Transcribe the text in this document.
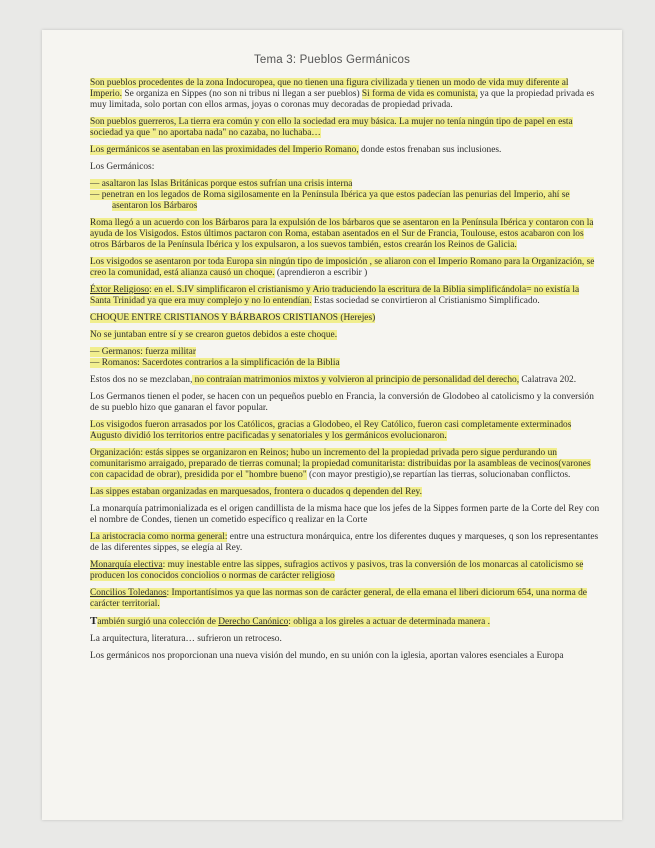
Tema 3: Pueblos Germánicos

Son pueblos procedentes de la zona Indocuropea, que no tienen una figura civilizada y tienen un modo de vida muy diferente al Imperio. Se organiza en Sippes (no son ni tribus ni llegan a ser pueblos) Si forma de vida es comunista, ya que la propiedad privada es muy limitada, solo portan con ellos armas, joyas o coronas muy decoradas de propiedad privada.

Son pueblos guerreros, La tierra era común y con ello la sociedad era muy básica. La mujer no tenía ningún tipo de papel en esta sociedad ya que " no aportaba nada" no cazaba, no luchaba…

Los germánicos se asentaban en las proximidades del Imperio Romano, donde estos frenaban sus inclusiones.

Los Germánicos:

— asaltaron las Islas Británicas porque estos sufrían una crisis interna

— penetran en los legados de Roma sigilosamente en la Península Ibérica ya que estos padecían las penurias del Imperio, ahí se asentaron los Bárbaros

Roma llegó a un acuerdo con los Bárbaros para la expulsión de los bárbaros que se asentaron en la Península Ibérica y contaron con la ayuda de los Visigodos. Estos últimos pactaron con Roma, estaban asentados en el Sur de Francia, Toulouse, estos acabaron con los otros Bárbaros de la Península Ibérica y los expulsaron, a los suevos también, estos crearán los Reinos de Galicia.

Los visigodos se asentaron por toda Europa sin ningún tipo de imposición , se aliaron con el Imperio Romano para la Organización, se creo la comunidad, está alianza causó un choque. (aprendieron a escribir )

Éxtor Religioso: en el. S.IV simplificaron el cristianismo y Ario traduciendo la escritura de la Biblia simplificándola= no existía la Santa Trinidad ya que era muy complejo y no lo entendían. Estas sociedad se convirtieron al Cristianismo Simplificado.

CHOQUE ENTRE CRISTIANOS Y BÁRBAROS CRISTIANOS (Herejes)

No se juntaban entre sí y se crearon guetos debidos a este choque.

— Germanos: fuerza militar

— Romanos: Sacerdotes contrarios a la simplificación de la Biblia

Estos dos no se mezclaban, no contraían matrimonios mixtos y volvieron al principio de personalidad del derecho, Calatrava 202.

Los Germanos tienen el poder, se hacen con un pequeños pueblo en Francia, la conversión de Glodobeo al catolicismo y la conversión de su pueblo hizo que ganaran el favor popular.

Los visigodos fueron arrasados por los Católicos, gracias a Glodobeo, el Rey Católico, fueron casi completamente exterminados Augusto dividió los territorios entre pacificadas y senatoriales y los germánicos evolucionaron.

Organización: estás sippes se organizaron en Reinos; hubo un incremento del la propiedad privada pero sigue perdurando un comunitarismo arraigado, preparado de tierras comunal; la propiedad comunitarista: distribuidas por la asambleas de vecinos(varones con capacidad de obrar), presidida por el "hombre bueno" (con mayor prestigio),se repartían las tierras, solucionaban conflictos.

Las sippes estaban organizadas en marquesados, frontera o ducados q dependen del Rey.

La monarquía patrimonializada es el origen candillista de la misma hace que los jefes de la Sippes formen parte de la Corte del Rey con el nombre de Condes, tienen un cometido específico q realizar en la Corte

La aristocracia como norma general: entre una estructura monárquica, entre los diferentes duques y marqueses, q son los representantes de las diferentes sippes, se elegía al Rey.

Monarquía electiva: muy inestable entre las sippes, sufragios activos y pasivos, tras la conversión de los monarcas al catolicismo se producen los conocidos conciolios o normas de carácter religioso

Concilios Toledanos: Importantísimos ya que las normas son de carácter general, de ella emana el liberi diciorum 654, una norma de carácter territorial.

También surgió una colección de Derecho Canónico: obliga a los gireles a actuar de determinada manera .

La arquitectura, literatura… sufrieron un retroceso.

Los germánicos nos proporcionan una nueva visión del mundo, en su unión con la iglesia, aportan valores esenciales a Europa
